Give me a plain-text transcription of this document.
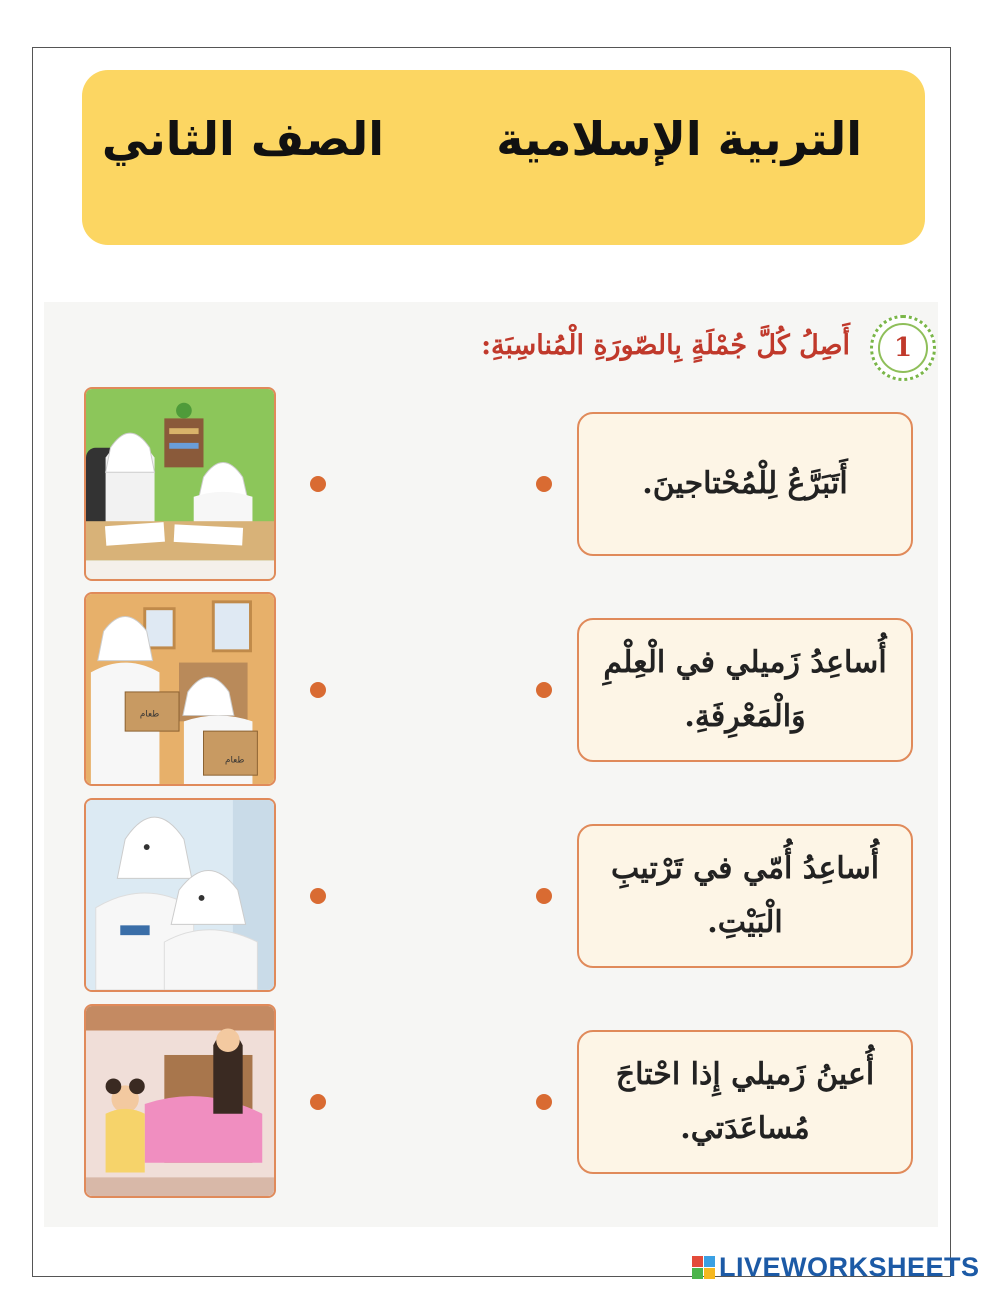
التربية الإسلامية
الصف الثاني
1
أَصِلُ كُلَّ جُمْلَةٍ بِالصّورَةِ الْمُناسِبَةِ:
أَتَبَرَّعُ لِلْمُحْتاجينَ.
أُساعِدُ زَميلي في الْعِلْمِ وَالْمَعْرِفَةِ.
أُساعِدُ أُمّي في تَرْتيبِ الْبَيْتِ.
أُعينُ زَميلي إِذا احْتاجَ مُساعَدَتي.
طعام
طعام
LIVEWORKSHEETS
